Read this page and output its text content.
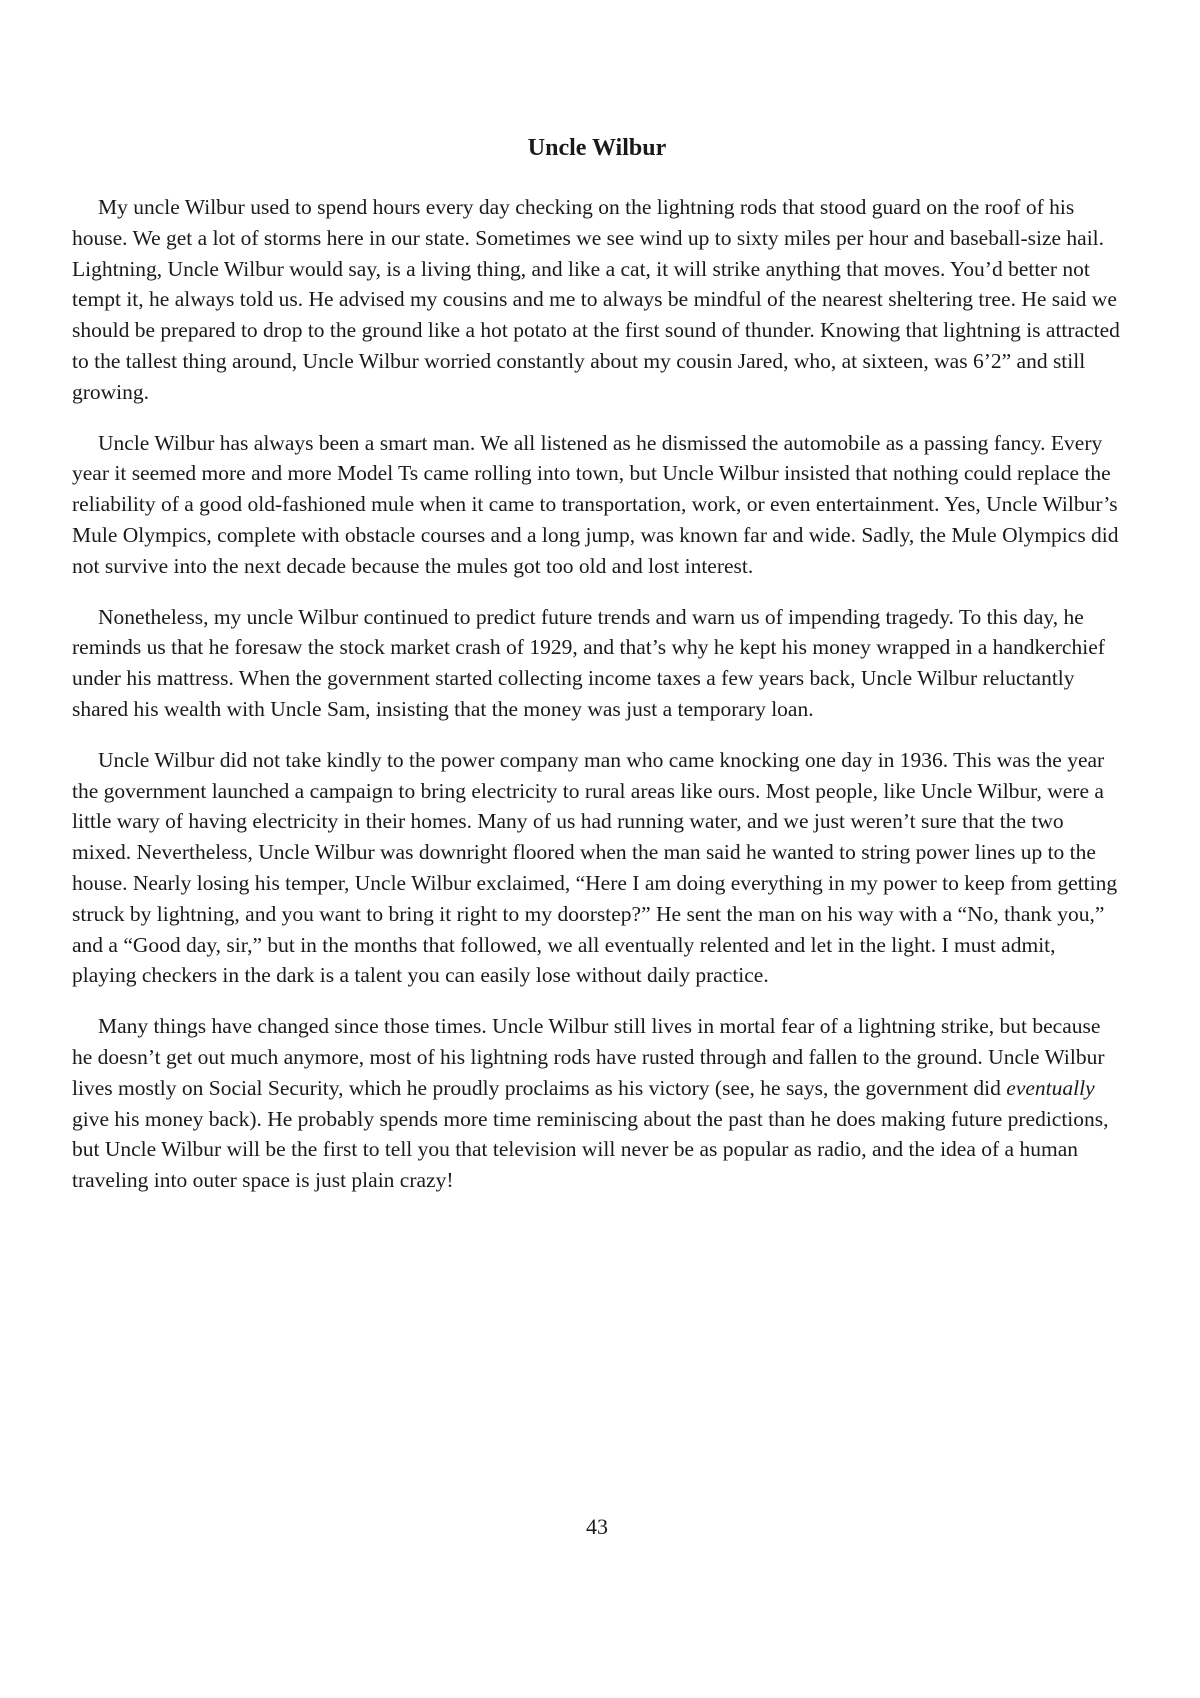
Uncle Wilbur

My uncle Wilbur used to spend hours every day checking on the lightning rods that stood guard on the roof of his house. We get a lot of storms here in our state. Sometimes we see wind up to sixty miles per hour and baseball-size hail. Lightning, Uncle Wilbur would say, is a living thing, and like a cat, it will strike anything that moves. You’d better not tempt it, he always told us. He advised my cousins and me to always be mindful of the nearest sheltering tree. He said we should be prepared to drop to the ground like a hot potato at the first sound of thunder. Knowing that lightning is attracted to the tallest thing around, Uncle Wilbur worried constantly about my cousin Jared, who, at sixteen, was 6’2” and still growing.

Uncle Wilbur has always been a smart man. We all listened as he dismissed the automobile as a passing fancy. Every year it seemed more and more Model Ts came rolling into town, but Uncle Wilbur insisted that nothing could replace the reliability of a good old-fashioned mule when it came to transportation, work, or even entertainment. Yes, Uncle Wilbur’s Mule Olympics, complete with obstacle courses and a long jump, was known far and wide. Sadly, the Mule Olympics did not survive into the next decade because the mules got too old and lost interest.

Nonetheless, my uncle Wilbur continued to predict future trends and warn us of impending tragedy. To this day, he reminds us that he foresaw the stock market crash of 1929, and that’s why he kept his money wrapped in a handkerchief under his mattress. When the government started collecting income taxes a few years back, Uncle Wilbur reluctantly shared his wealth with Uncle Sam, insisting that the money was just a temporary loan.

Uncle Wilbur did not take kindly to the power company man who came knocking one day in 1936. This was the year the government launched a campaign to bring electricity to rural areas like ours. Most people, like Uncle Wilbur, were a little wary of having electricity in their homes. Many of us had running water, and we just weren’t sure that the two mixed. Nevertheless, Uncle Wilbur was downright floored when the man said he wanted to string power lines up to the house. Nearly losing his temper, Uncle Wilbur exclaimed, “Here I am doing everything in my power to keep from getting struck by lightning, and you want to bring it right to my doorstep?” He sent the man on his way with a “No, thank you,” and a “Good day, sir,” but in the months that followed, we all eventually relented and let in the light. I must admit, playing checkers in the dark is a talent you can easily lose without daily practice.

Many things have changed since those times. Uncle Wilbur still lives in mortal fear of a lightning strike, but because he doesn’t get out much anymore, most of his lightning rods have rusted through and fallen to the ground. Uncle Wilbur lives mostly on Social Security, which he proudly proclaims as his victory (see, he says, the government did eventually give his money back). He probably spends more time reminiscing about the past than he does making future predictions, but Uncle Wilbur will be the first to tell you that television will never be as popular as radio, and the idea of a human traveling into outer space is just plain crazy!

43
